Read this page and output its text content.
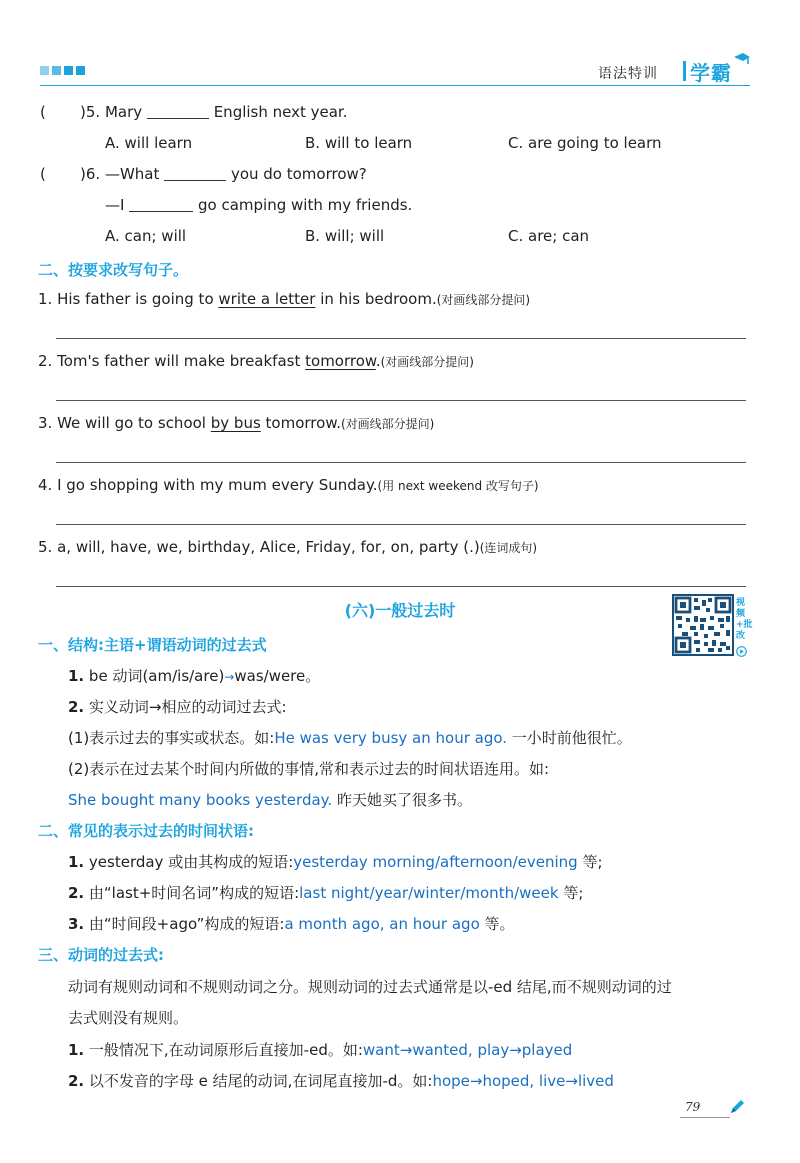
语法特训 学霸
( )5. Mary	English next year.
A. will learn	B. will to learn	C. are going to learn
( )6. —What	you do tomorrow?
—I	go camping with my friends.
A. can; will	B. will; will	C. are; can
二、按要求改写句子。
1. His father is going to write a letter in his bedroom.(对画线部分提问)
2. Tom's father will make breakfast tomorrow.(对画线部分提问)
3. We will go to school by bus tomorrow.(对画线部分提问)
4. I go shopping with my mum every Sunday.(用 next weekend 改写句子)
5. a, will, have, we, birthday, Alice, Friday, for, on, party (.)(连词成句)
(六)一般过去时	视频+批改
一、结构:主语+谓语动词的过去式
1. be 动词(am/is/are)→was/were。
2. 实义动词→相应的动词过去式:
(1)表示过去的事实或状态。如:He was very busy an hour ago. 一小时前他很忙。
(2)表示在过去某个时间内所做的事情,常和表示过去的时间状语连用。如:
She bought many books yesterday. 昨天她买了很多书。
二、常见的表示过去的时间状语:
1. yesterday 或由其构成的短语:yesterday morning/afternoon/evening 等;
2. 由“last+时间名词”构成的短语:last night/year/winter/month/week 等;
3. 由“时间段+ago”构成的短语:a month ago, an hour ago 等。
三、动词的过去式:
动词有规则动词和不规则动词之分。规则动词的过去式通常是以-ed 结尾,而不规则动词的过
去式则没有规则。
1. 一般情况下,在动词原形后直接加-ed。如:want→wanted, play→played
2. 以不发音的字母 e 结尾的动词,在词尾直接加-d。如:hope→hoped, live→lived
79
